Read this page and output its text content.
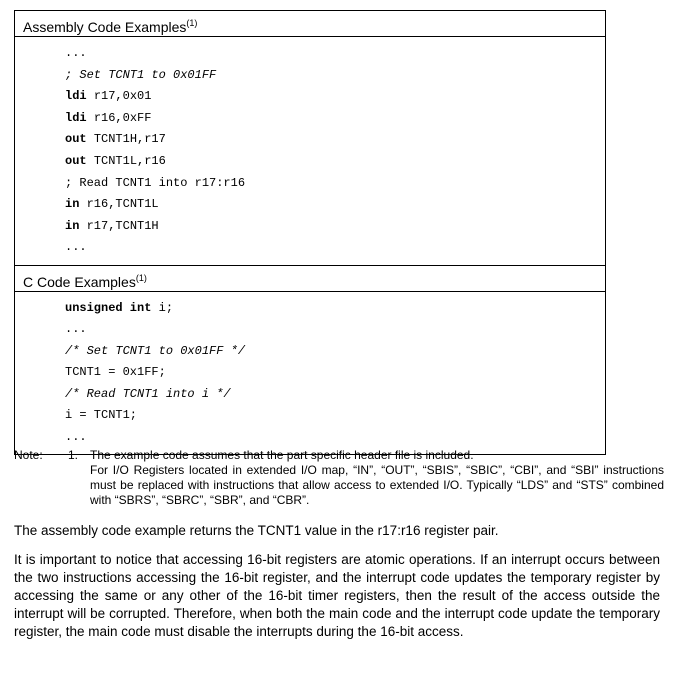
Assembly Code Examples$^{(1)}$
...
; Set TCNT1 to 0x01FF
ldi r17,0x01
ldi r16,0xFF
out TCNT1H,r17
out TCNT1L,r16
; Read TCNT1 into r17:r16
in r16,TCNT1L
in r17,TCNT1H
...
C Code Examples$^{(1)}$
unsigned int i;
...
/* Set TCNT1 to 0x01FF */
TCNT1 = 0x1FF;
/* Read TCNT1 into i */
i = TCNT1;
...
Note: 1. The example code assumes that the part specific header file is included.
For I/O Registers located in extended I/O map, “IN”, “OUT”, “SBIS”, “SBIC”, “CBI”, and “SBI” instructions must be replaced with instructions that allow access to extended I/O. Typically “LDS” and “STS” combined with “SBRS”, “SBRC”, “SBR”, and “CBR”.
The assembly code example returns the TCNT1 value in the r17:r16 register pair.
It is important to notice that accessing 16-bit registers are atomic operations. If an interrupt occurs between the two instructions accessing the 16-bit register, and the interrupt code updates the temporary register by accessing the same or any other of the 16-bit timer registers, then the result of the access outside the interrupt will be corrupted. Therefore, when both the main code and the interrupt code update the temporary register, the main code must disable the interrupts during the 16-bit access.
